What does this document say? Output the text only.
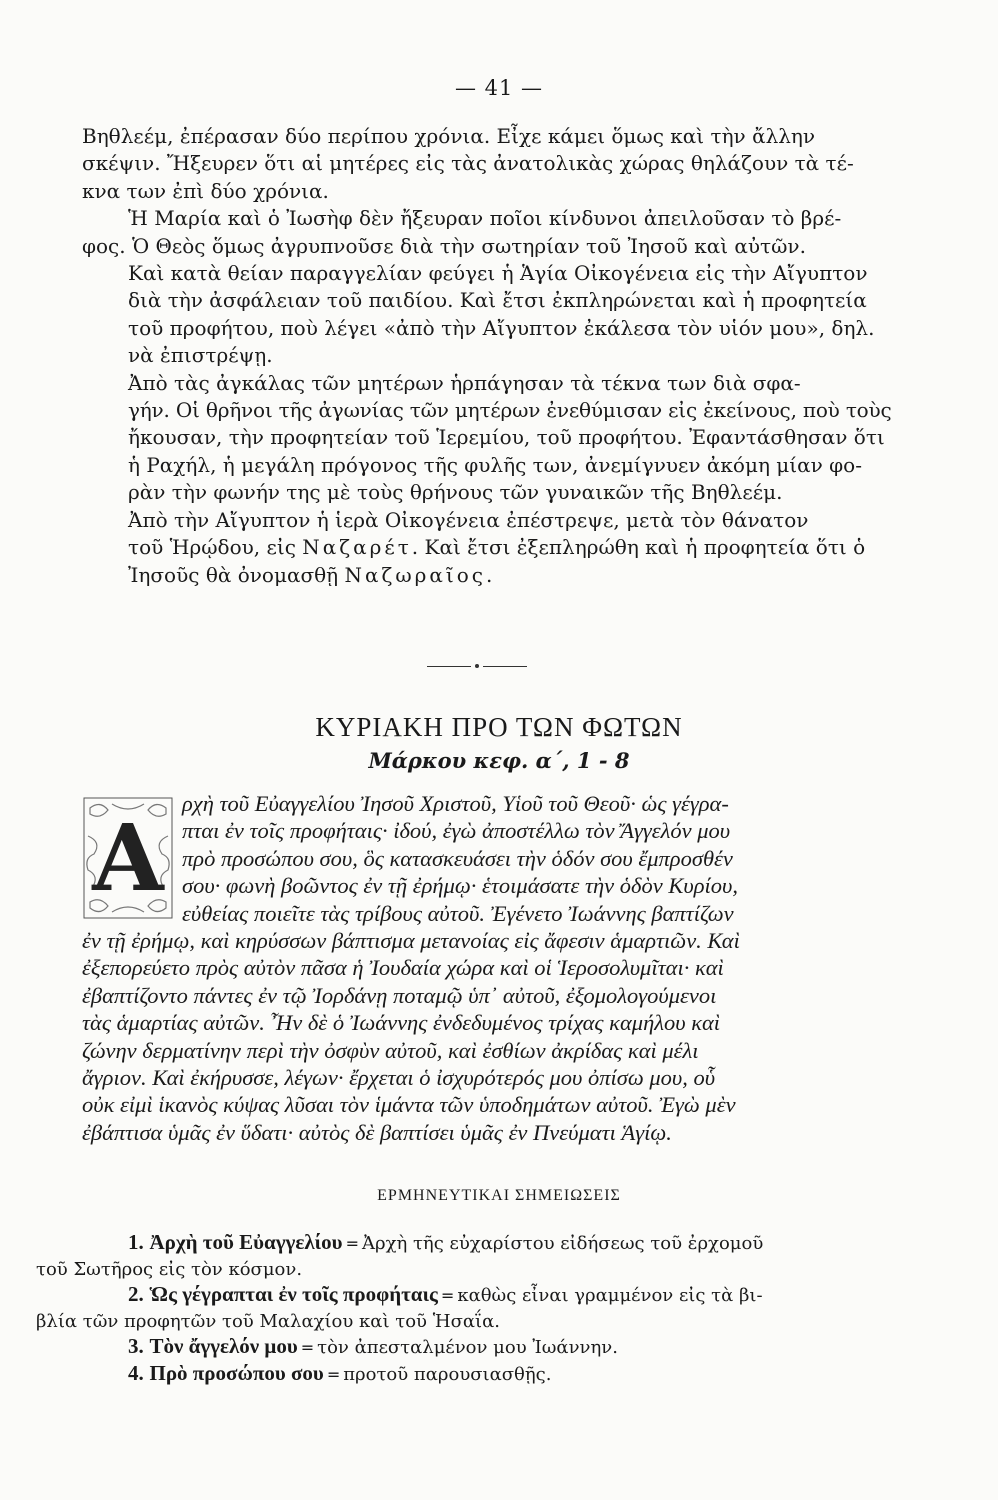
— 41 —

Βηθλεέμ, ἐπέρασαν δύο περίπου χρόνια. Εἶχε κάμει ὅμως καὶ τὴν ἄλλην
σκέψιν. Ἤξευρεν ὅτι αἱ μητέρες εἰς τὰς ἀνατολικὰς χώρας θηλάζουν τὰ τέ-
κνα των ἐπὶ δύο χρόνια.

Ἡ Μαρία καὶ ὁ Ἰωσὴφ δὲν ἤξευραν ποῖοι κίνδυνοι ἀπειλοῦσαν τὸ βρέ-
φος. Ὁ Θεὸς ὅμως ἀγρυπνοῦσε διὰ τὴν σωτηρίαν τοῦ Ἰησοῦ καὶ αὐτῶν.
Καὶ κατὰ θείαν παραγγελίαν φεύγει ἡ Ἁγία Οἰκογένεια εἰς τὴν Αἴγυπτον
διὰ τὴν ἀσφάλειαν τοῦ παιδίου. Καὶ ἔτσι ἐκπληρώνεται καὶ ἡ προφητεία
τοῦ προφήτου, ποὺ λέγει «ἀπὸ τὴν Αἴγυπτον ἐκάλεσα τὸν υἱόν μου», δηλ.
νὰ ἐπιστρέψῃ.

Ἀπὸ τὰς ἀγκάλας τῶν μητέρων ἡρπάγησαν τὰ τέκνα των διὰ σφα-
γήν. Οἱ θρῆνοι τῆς ἀγωνίας τῶν μητέρων ἐνεθύμισαν εἰς ἐκείνους, ποὺ τοὺς
ἤκουσαν, τὴν προφητείαν τοῦ Ἱερεμίου, τοῦ προφήτου. Ἐφαντάσθησαν ὅτι
ἡ Ραχήλ, ἡ μεγάλη πρόγονος τῆς φυλῆς των, ἀνεμίγνυεν ἀκόμη μίαν φο-
ρὰν τὴν φωνήν της μὲ τοὺς θρήνους τῶν γυναικῶν τῆς Βηθλεέμ.

Ἀπὸ τὴν Αἴγυπτον ἡ ἱερὰ Οἰκογένεια ἐπέστρεψε, μετὰ τὸν θάνατον
τοῦ Ἡρῴδου, εἰς Ναζαρέτ. Καὶ ἔτσι ἐξεπληρώθη καὶ ἡ προφητεία ὅτι ὁ
Ἰησοῦς θὰ ὀνομασθῇ Ναζωραῖος.

ΚΥΡΙΑΚΗ ΠΡΟ ΤΩΝ ΦΩΤΩΝ
Μάρκου κεφ. α΄, 1 - 8
Α
ρχὴ τοῦ Εὐαγγελίου Ἰησοῦ Χριστοῦ, Υἱοῦ τοῦ Θεοῦ· ὡς γέγρα-
πται ἐν τοῖς προφήταις· ἰδού, ἐγὼ ἀποστέλλω τὸν Ἄγγελόν μου
πρὸ προσώπου σου, ὃς κατασκευάσει τὴν ὁδόν σου ἔμπροσθέν
σου· φωνὴ βοῶντος ἐν τῇ ἐρήμῳ· ἑτοιμάσατε τὴν ὁδὸν Κυρίου,
εὐθείας ποιεῖτε τὰς τρίβους αὐτοῦ. Ἐγένετο Ἰωάννης βαπτίζων
ἐν τῇ ἐρήμῳ, καὶ κηρύσσων βάπτισμα μετανοίας εἰς ἄφεσιν ἁμαρτιῶν. Καὶ
ἐξεπορεύετο πρὸς αὐτὸν πᾶσα ἡ Ἰουδαία χώρα καὶ οἱ Ἱεροσολυμῖται· καὶ
ἐβαπτίζοντο πάντες ἐν τῷ Ἰορδάνῃ ποταμῷ ὑπ᾿ αὐτοῦ, ἐξομολογούμενοι
τὰς ἁμαρτίας αὐτῶν. Ἦν δὲ ὁ Ἰωάννης ἐνδεδυμένος τρίχας καμήλου καὶ
ζώνην δερματίνην περὶ τὴν ὀσφὺν αὐτοῦ, καὶ ἐσθίων ἀκρίδας καὶ μέλι
ἄγριον. Καὶ ἐκήρυσσε, λέγων· ἔρχεται ὁ ἰσχυρότερός μου ὀπίσω μου, οὗ
οὐκ εἰμὶ ἱκανὸς κύψας λῦσαι τὸν ἱμάντα τῶν ὑποδημάτων αὐτοῦ. Ἐγὼ μὲν
ἐβάπτισα ὑμᾶς ἐν ὕδατι· αὐτὸς δὲ βαπτίσει ὑμᾶς ἐν Πνεύματι Ἁγίῳ.
ΕΡΜΗΝΕΥΤΙΚΑΙ ΣΗΜΕΙΩΣΕΙΣ

1. Ἀρχὴ τοῦ Εὐαγγελίου = Ἀρχὴ τῆς εὐχαρίστου εἰδήσεως τοῦ ἐρχομοῦ
τοῦ Σωτῆρος εἰς τὸν κόσμον.

2. Ὡς γέγραπται ἐν τοῖς προφήταις = καθὼς εἶναι γραμμένον εἰς τὰ βι-
βλία τῶν προφητῶν τοῦ Μαλαχίου καὶ τοῦ Ἡσαΐα.

3. Τὸν ἄγγελόν μου = τὸν ἀπεσταλμένον μου Ἰωάννην.

4. Πρὸ προσώπου σου = προτοῦ παρουσιασθῇς.
